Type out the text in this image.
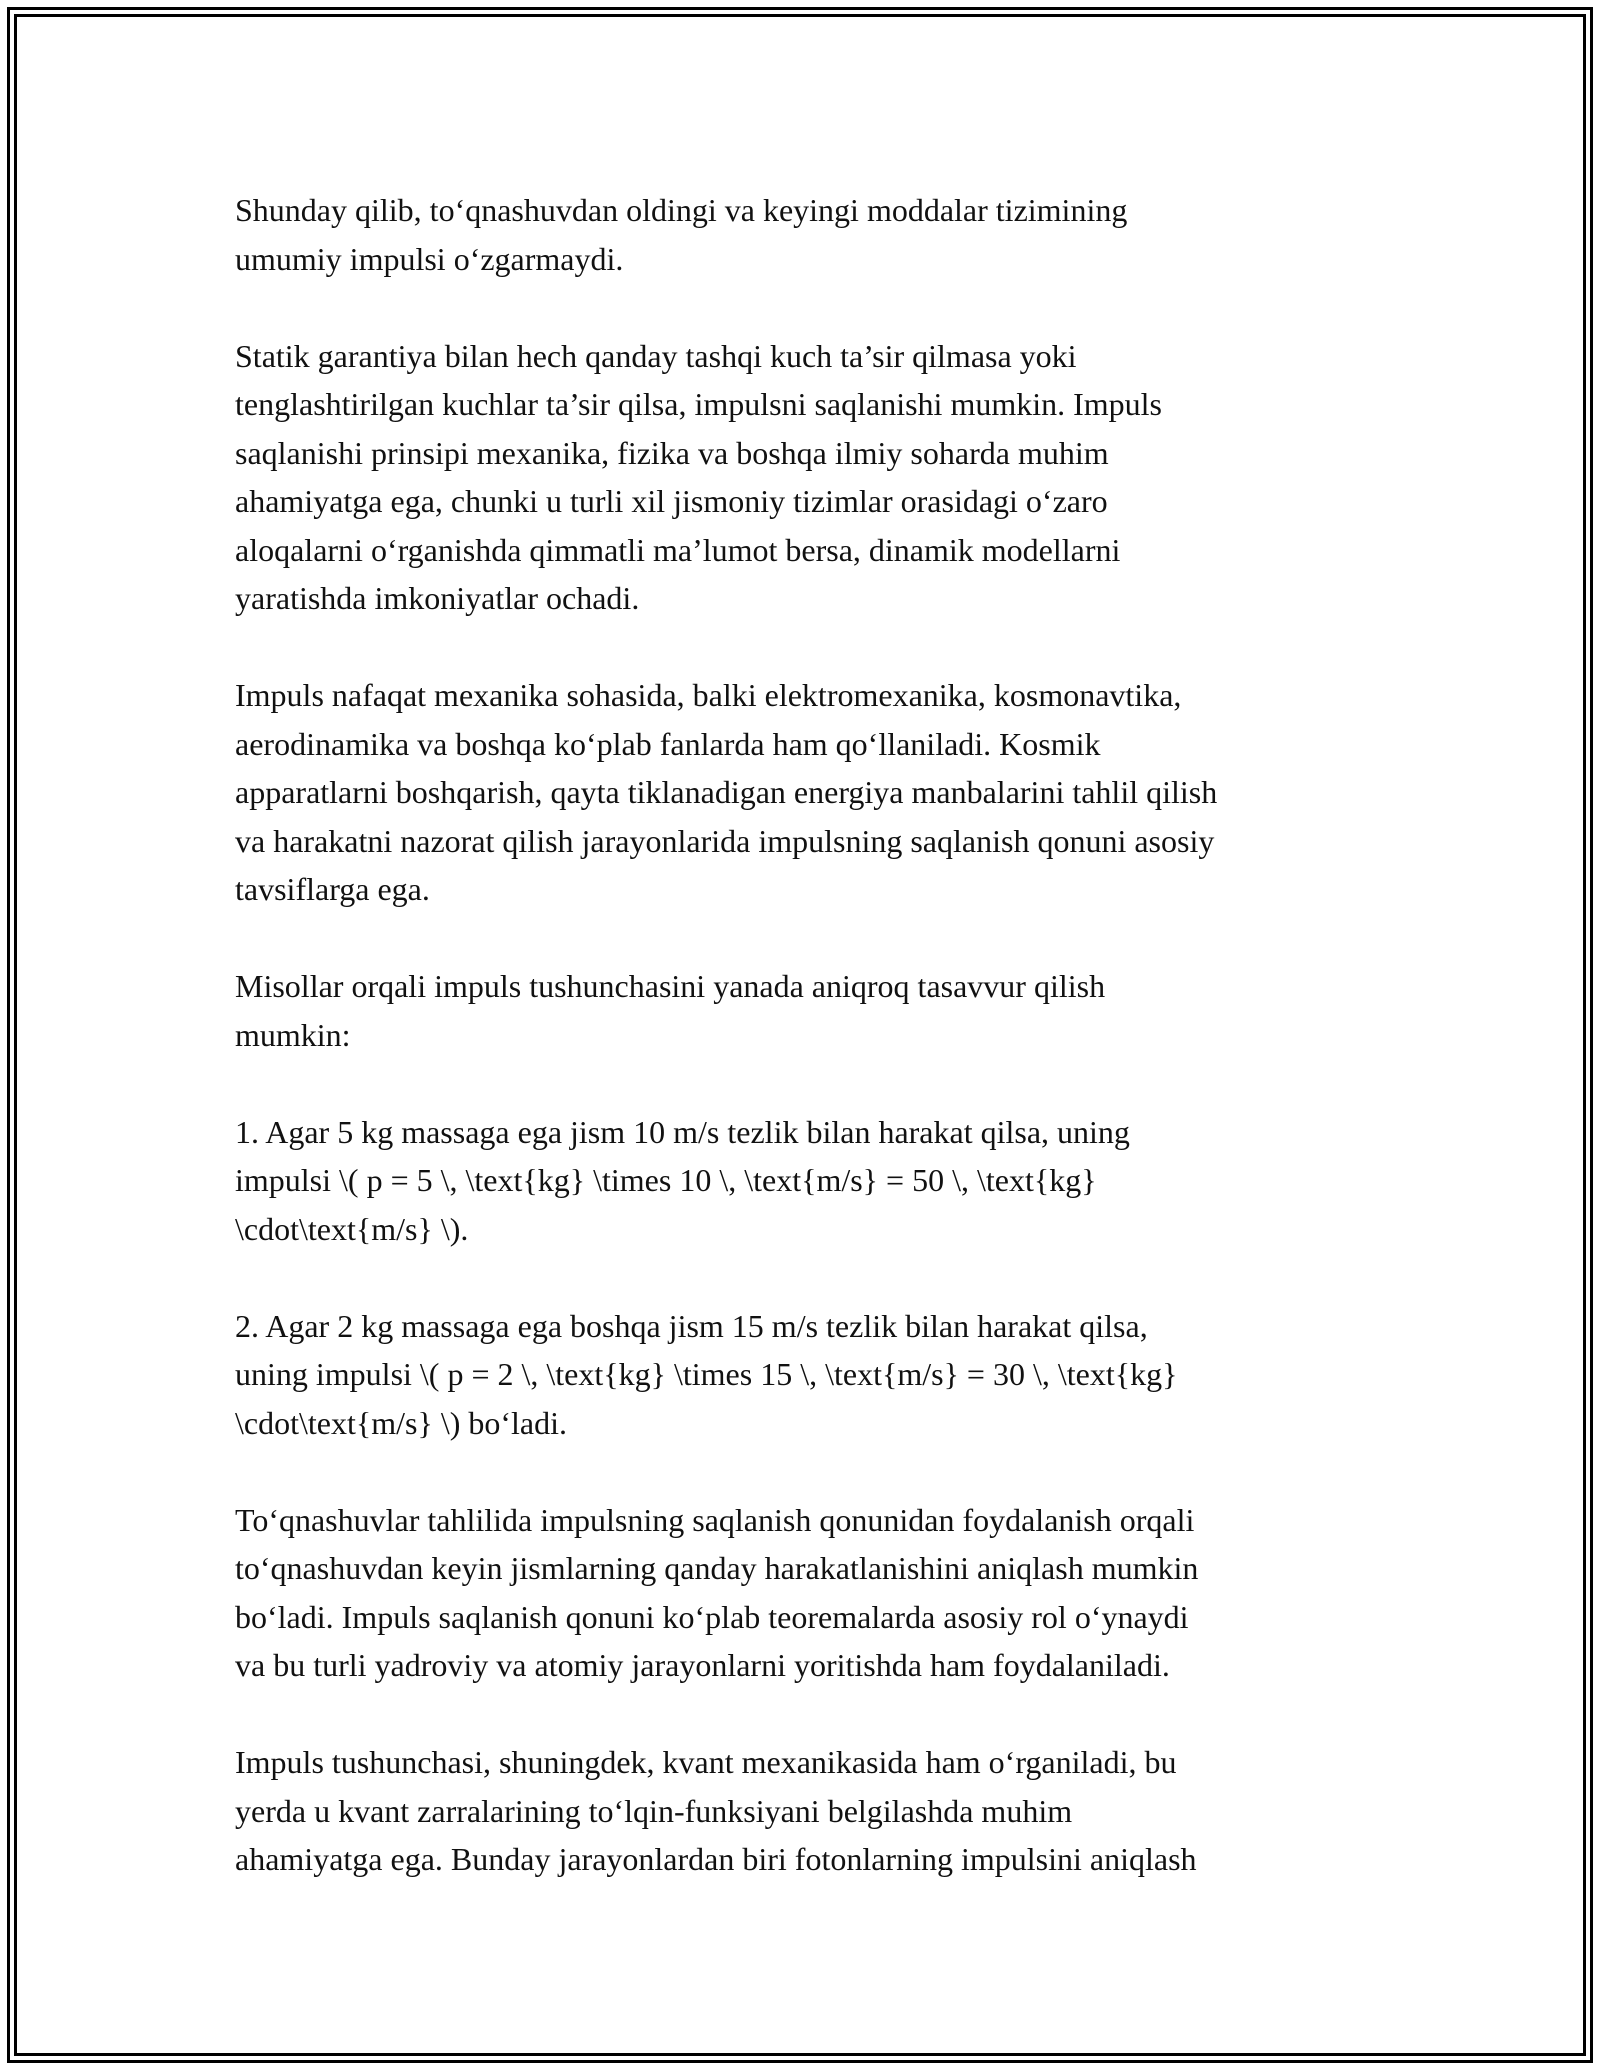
Shunday qilib, to‘qnashuvdan oldingi va keyingi moddalar tizimining
umumiy impulsi o‘zgarmaydi.

Statik garantiya bilan hech qanday tashqi kuch ta’sir qilmasa yoki
tenglashtirilgan kuchlar ta’sir qilsa, impulsni saqlanishi mumkin. Impuls
saqlanishi prinsipi mexanika, fizika va boshqa ilmiy soharda muhim
ahamiyatga ega, chunki u turli xil jismoniy tizimlar orasidagi o‘zaro
aloqalarni o‘rganishda qimmatli ma’lumot bersa, dinamik modellarni
yaratishda imkoniyatlar ochadi.

Impuls nafaqat mexanika sohasida, balki elektromexanika, kosmonavtika,
aerodinamika va boshqa ko‘plab fanlarda ham qo‘llaniladi. Kosmik
apparatlarni boshqarish, qayta tiklanadigan energiya manbalarini tahlil qilish
va harakatni nazorat qilish jarayonlarida impulsning saqlanish qonuni asosiy
tavsiflarga ega.

Misollar orqali impuls tushunchasini yanada aniqroq tasavvur qilish
mumkin:

1. Agar 5 kg massaga ega jism 10 m/s tezlik bilan harakat qilsa, uning
impulsi \( p = 5 \, \text{kg} \times 10 \, \text{m/s} = 50 \, \text{kg}
\cdot\text{m/s} \).

2. Agar 2 kg massaga ega boshqa jism 15 m/s tezlik bilan harakat qilsa,
uning impulsi \( p = 2 \, \text{kg} \times 15 \, \text{m/s} = 30 \, \text{kg}
\cdot\text{m/s} \) bo‘ladi.

To‘qnashuvlar tahlilida impulsning saqlanish qonunidan foydalanish orqali
to‘qnashuvdan keyin jismlarning qanday harakatlanishini aniqlash mumkin
bo‘ladi. Impuls saqlanish qonuni ko‘plab teoremalarda asosiy rol o‘ynaydi
va bu turli yadroviy va atomiy jarayonlarni yoritishda ham foydalaniladi.

Impuls tushunchasi, shuningdek, kvant mexanikasida ham o‘rganiladi, bu
yerda u kvant zarralarining to‘lqin-funksiyani belgilashda muhim
ahamiyatga ega. Bunday jarayonlardan biri fotonlarning impulsini aniqlash
